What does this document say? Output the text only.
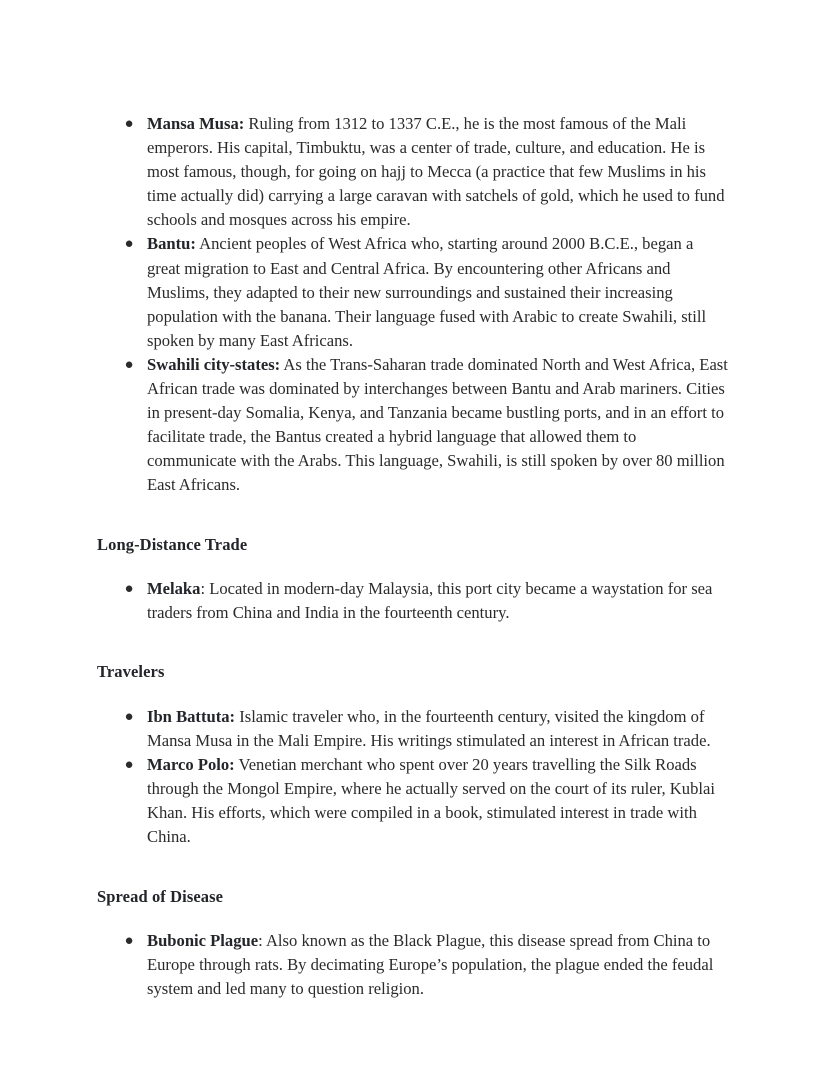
● Mansa Musa: Ruling from 1312 to 1337 C.E., he is the most famous of the Mali emperors. His capital, Timbuktu, was a center of trade, culture, and education. He is most famous, though, for going on hajj to Mecca (a practice that few Muslims in his time actually did) carrying a large caravan with satchels of gold, which he used to fund schools and mosques across his empire.
● Bantu: Ancient peoples of West Africa who, starting around 2000 B.C.E., began a great migration to East and Central Africa. By encountering other Africans and Muslims, they adapted to their new surroundings and sustained their increasing population with the banana. Their language fused with Arabic to create Swahili, still spoken by many East Africans.
● Swahili city-states: As the Trans-Saharan trade dominated North and West Africa, East African trade was dominated by interchanges between Bantu and Arab mariners. Cities in present-day Somalia, Kenya, and Tanzania became bustling ports, and in an effort to facilitate trade, the Bantus created a hybrid language that allowed them to communicate with the Arabs. This language, Swahili, is still spoken by over 80 million East Africans.
Long-Distance Trade
● Melaka: Located in modern-day Malaysia, this port city became a waystation for sea traders from China and India in the fourteenth century.
Travelers
● Ibn Battuta: Islamic traveler who, in the fourteenth century, visited the kingdom of Mansa Musa in the Mali Empire. His writings stimulated an interest in African trade.
● Marco Polo: Venetian merchant who spent over 20 years travelling the Silk Roads through the Mongol Empire, where he actually served on the court of its ruler, Kublai Khan. His efforts, which were compiled in a book, stimulated interest in trade with China.
Spread of Disease
● Bubonic Plague: Also known as the Black Plague, this disease spread from China to Europe through rats. By decimating Europe’s population, the plague ended the feudal system and led many to question religion.
